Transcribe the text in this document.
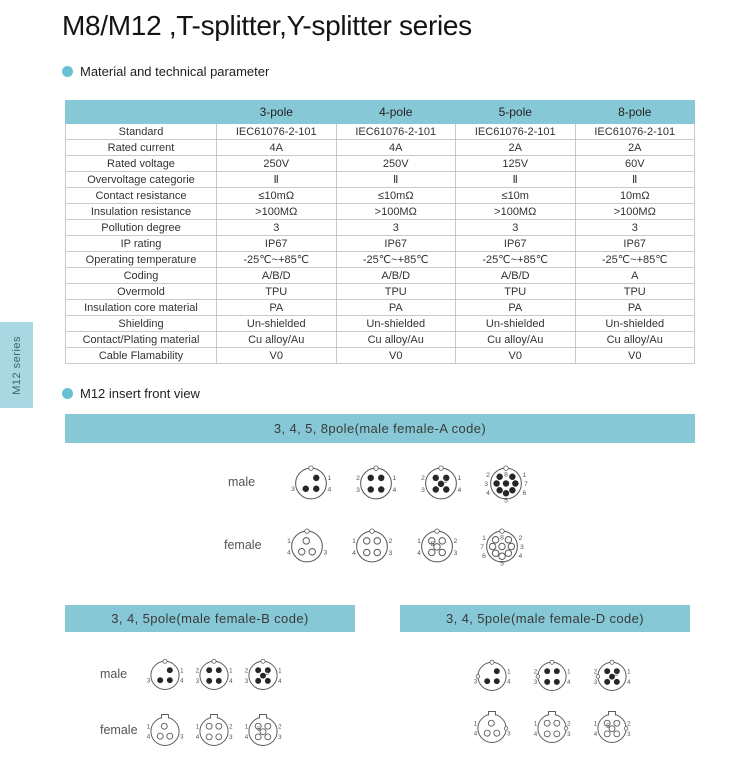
M8/M12 ,T-splitter,Y-splitter series
Material and technical parameter
	3-pole	4-pole	5-pole	8-pole
Standard	IEC61076-2-101	IEC61076-2-101	IEC61076-2-101	IEC61076-2-101
Rated current	4A	4A	2A	2A
Rated voltage	250V	250V	125V	60V
Overvoltage categorie	Ⅱ	Ⅱ	Ⅱ	Ⅱ
Contact resistance	≤10mΩ	≤10mΩ	≤10m	10mΩ
Insulation resistance	>100MΩ	>100MΩ	>100MΩ	>100MΩ
Pollution degree	3	3	3	3
IP rating	IP67	IP67	IP67	IP67
Operating temperature	-25℃~+85℃	-25℃~+85℃	-25℃~+85℃	-25℃~+85℃
Coding	A/B/D	A/B/D	A/B/D	A
Overmold	TPU	TPU	TPU	TPU
Insulation core material	PA	PA	PA	PA
Shielding	Un-shielded	Un-shielded	Un-shielded	Un-shielded
Contact/Plating material	Cu alloy/Au	Cu alloy/Au	Cu alloy/Au	Cu alloy/Au
Cable Flamability	V0	V0	V0	V0
M12 series	M12 insert front view
3, 4, 5, 8pole(male female-A code)
male	1
3	4
2	1
3	4
2	1
3	4
5
2	1
3	7
4	6
5
8
female	1
4	3
1	2
4	3
1	2
4	3
5
1	2
7	3
6	4
5
8
3, 4, 5pole(male female-B code)	3, 4, 5pole(male female-D code)
male	1
3	4
2	1
3	4
2	1
3	4
5
female 1
4	3
1	2
4	3
1	2
4	3
5
1
3	4
2	1
3	4
2	1
3	4
5
1
4	3
1	2
4	3
1	2
4	3
5
